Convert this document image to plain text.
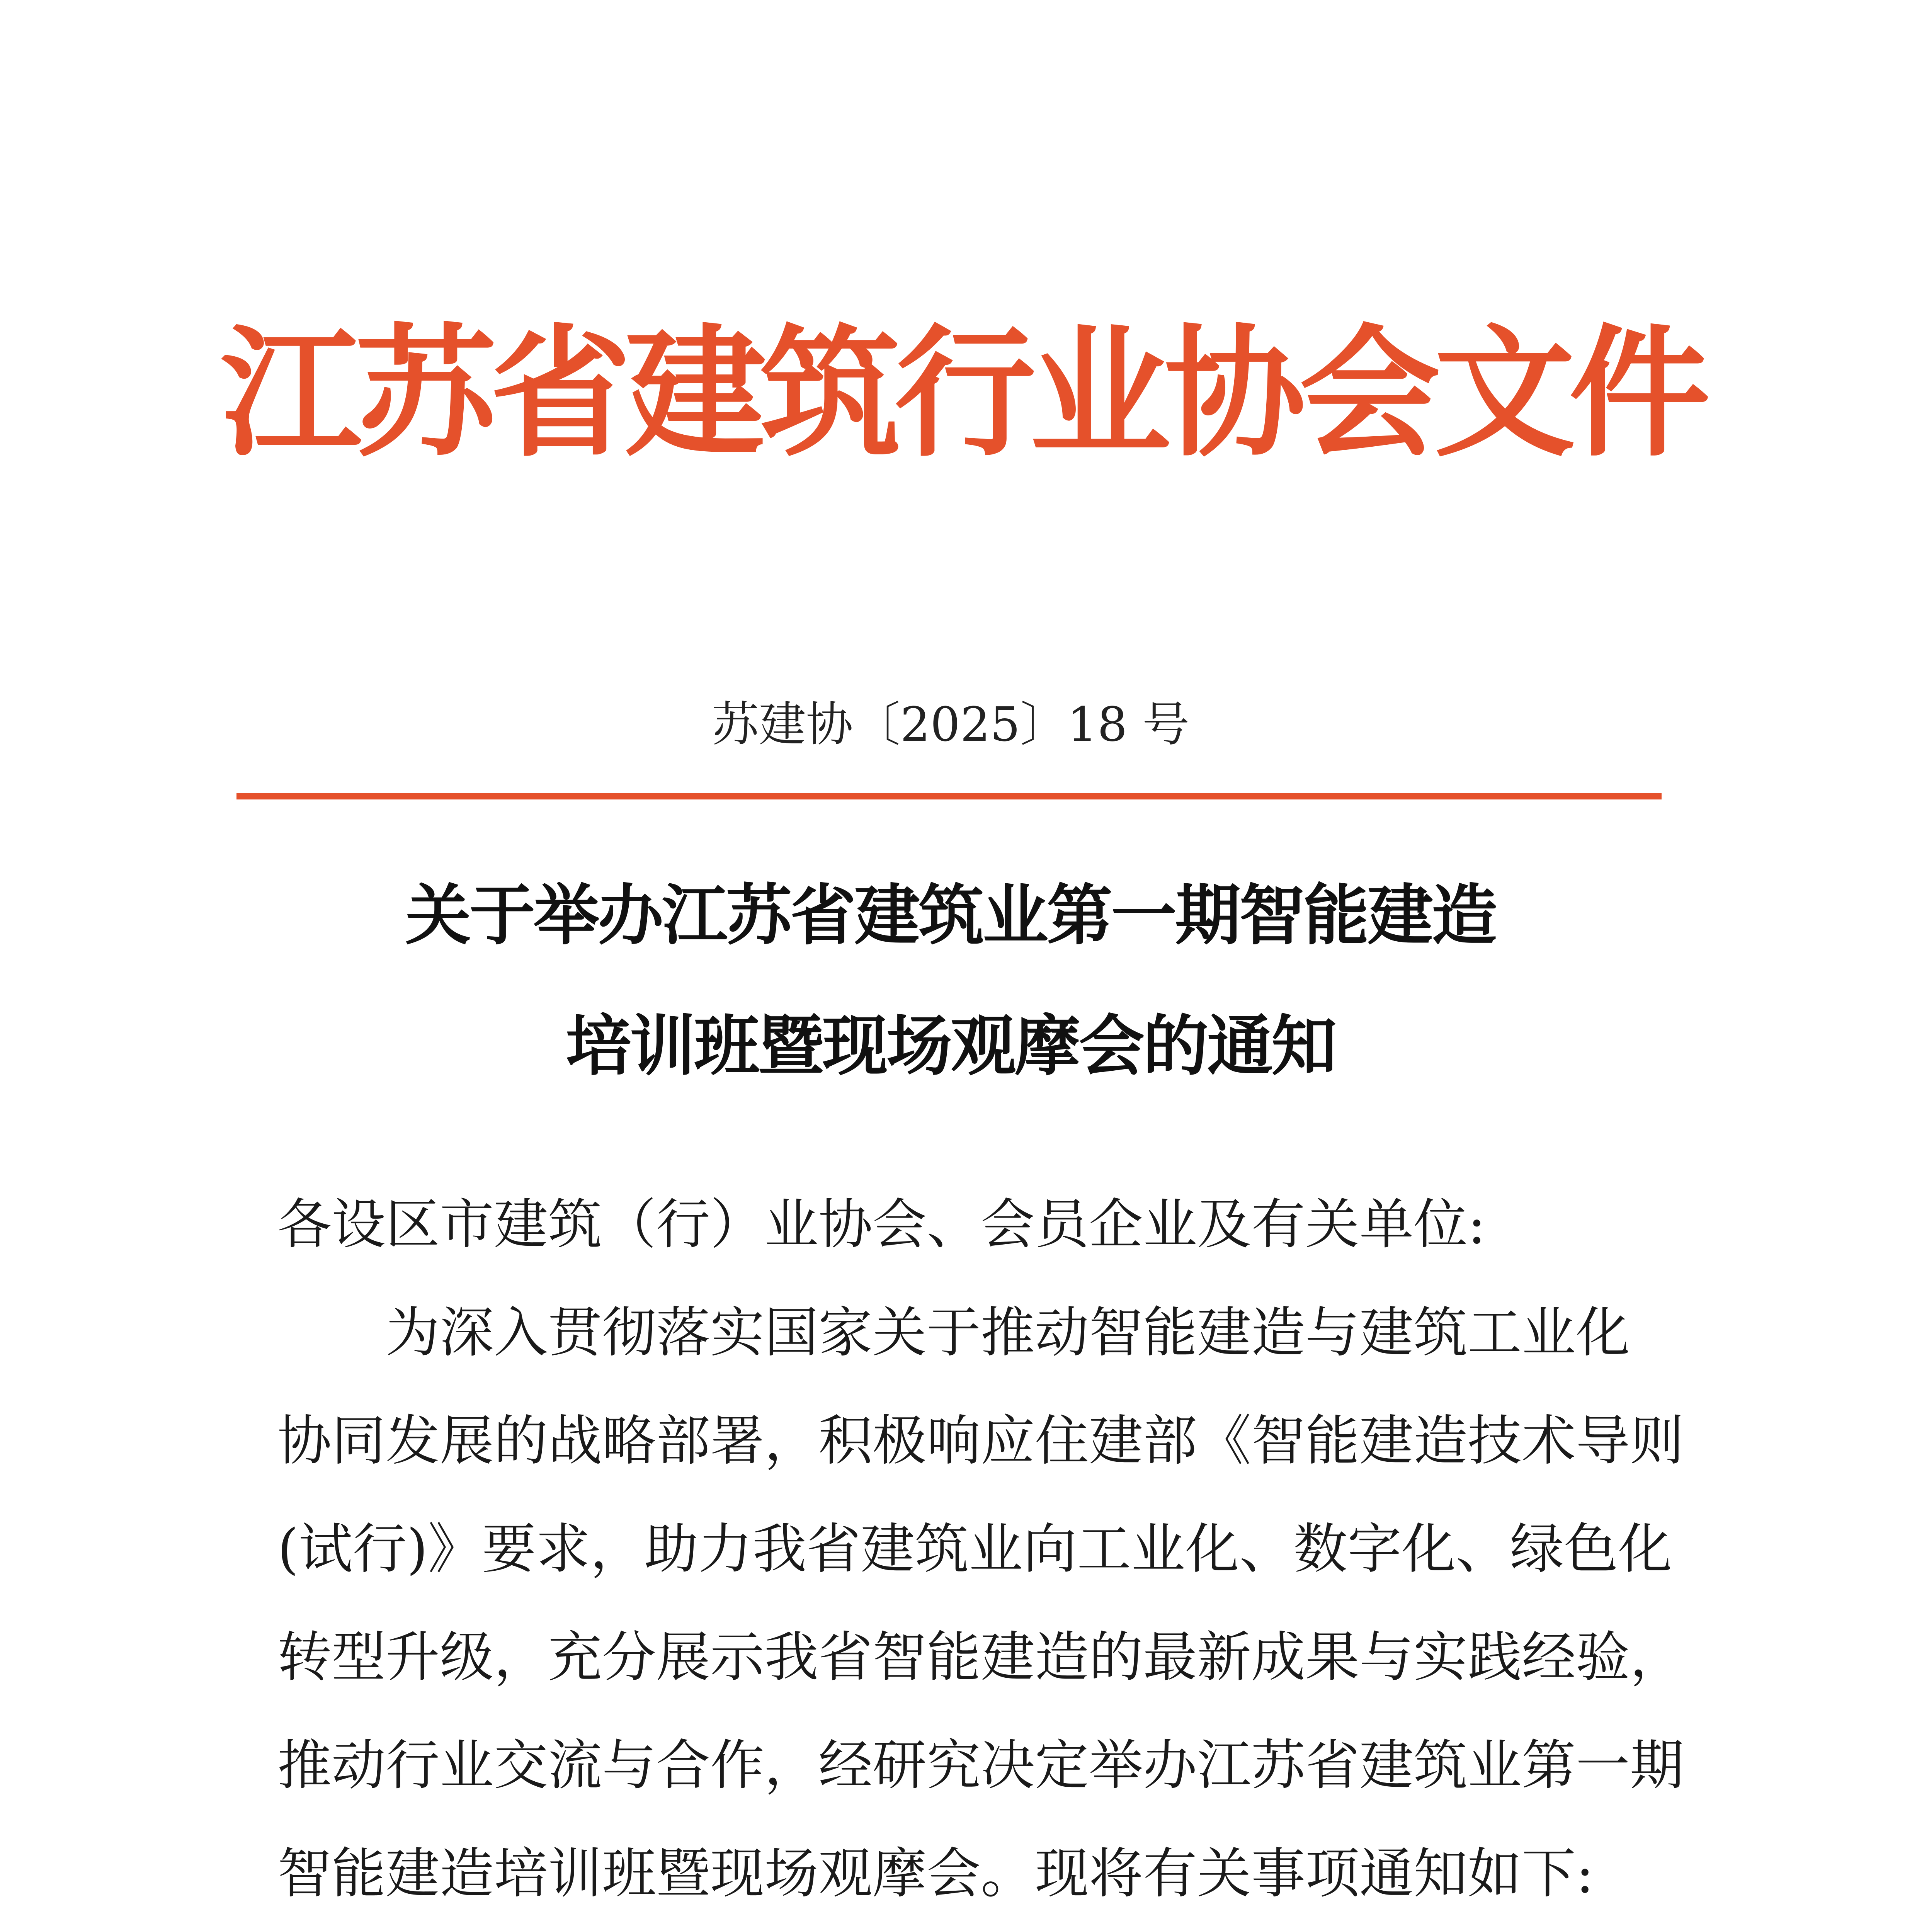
江苏省建筑行业协会文件
苏建协〔2025〕18 号
关于举办江苏省建筑业第一期智能建造
培训班暨现场观摩会的通知
各设区市建筑（行）业协会、会员企业及有关单位:
为深入贯彻落实国家关于推动智能建造与建筑工业化
协同发展的战略部署，积极响应住建部《智能建造技术导则
(试行)》要求，助力我省建筑业向工业化、数字化、绿色化
转型升级，充分展示我省智能建造的最新成果与实践经验，
推动行业交流与合作，经研究决定举办江苏省建筑业第一期
智能建造培训班暨现场观摩会。现将有关事项通知如下:
